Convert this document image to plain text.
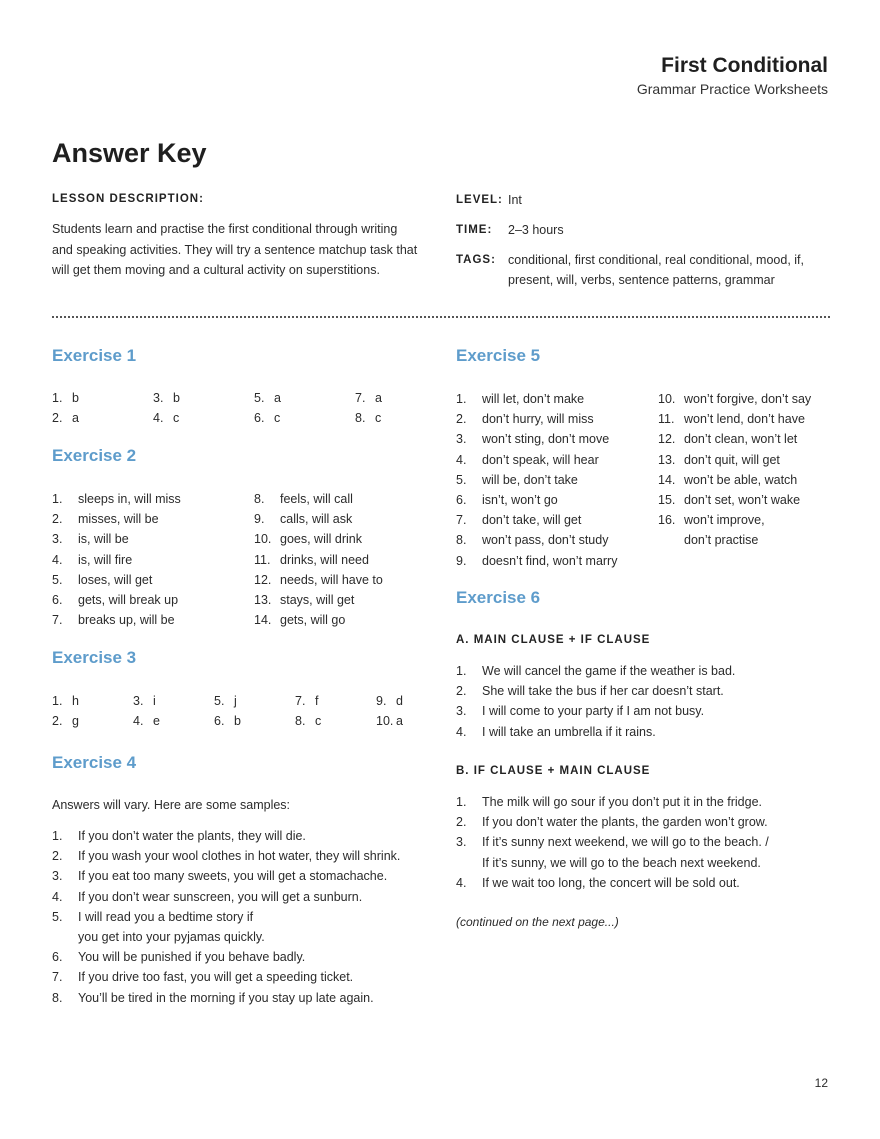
First Conditional
Grammar Practice Worksheets
Answer Key
LESSON DESCRIPTION:
Students learn and practise the first conditional through writing
and speaking activities. They will try a sentence matchup task that
will get them moving and a cultural activity on superstitions.
LEVEL: Int
TIME: 2–3 hours
TAGS: conditional, first conditional, real conditional, mood, if,
present, will, verbs, sentence patterns, grammar
Exercise 1
Exercise 2
Exercise 3
Exercise 4
Exercise 5
Exercise 6
Answers will vary. Here are some samples:
A. MAIN CLAUSE + IF CLAUSE
B. IF CLAUSE + MAIN CLAUSE
1. b
2. a
3. b
4. c
5. a
6. c
7. a
8. c
1. sleeps in, will miss
2. misses, will be
3. is, will be
4. is, will fire
5. loses, will get
6. gets, will break up
7. breaks up, will be
8. feels, will call
9. calls, will ask
10. goes, will drink
11. drinks, will need
12. needs, will have to
13. stays, will get
14. gets, will go
1. h
2. g
3. i
4. e
5. j
6. b
7. f
8. c
9. d
10. a
1. If you don’t water the plants, they will die.
2. If you wash your wool clothes in hot water, they will shrink.
3. If you eat too many sweets, you will get a stomachache.
4. If you don’t wear sunscreen, you will get a sunburn.
5. I will read you a bedtime story if
you get into your pyjamas quickly.
6. You will be punished if you behave badly.
7. If you drive too fast, you will get a speeding ticket.
8. You’ll be tired in the morning if you stay up late again.
1. will let, don’t make
2. don’t hurry, will miss
3. won’t sting, don’t move
4. don’t speak, will hear
5. will be, don’t take
6. isn’t, won’t go
7. don’t take, will get
8. won’t pass, don’t study
9. doesn’t find, won’t marry
10. won’t forgive, don’t say
11. won’t lend, don’t have
12. don’t clean, won’t let
13. don’t quit, will get
14. won’t be able, watch
15. don’t set, won’t wake
16. won’t improve,
don’t practise
1. We will cancel the game if the weather is bad.
2. She will take the bus if her car doesn’t start.
3. I will come to your party if I am not busy.
4. I will take an umbrella if it rains.
1. The milk will go sour if you don’t put it in the fridge.
2. If you don’t water the plants, the garden won’t grow.
3. If it’s sunny next weekend, we will go to the beach. /
If it’s sunny, we will go to the beach next weekend.
4. If we wait too long, the concert will be sold out.
(continued on the next page...)
12
